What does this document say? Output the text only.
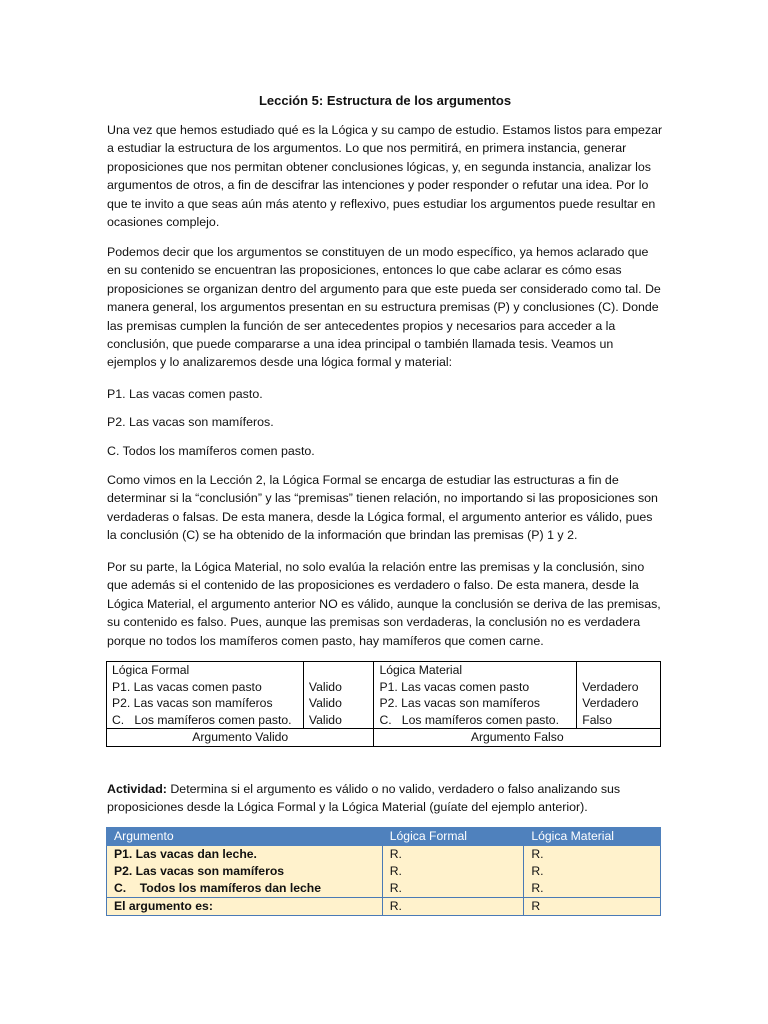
Lección 5: Estructura de los argumentos

Una vez que hemos estudiado qué es la Lógica y su campo de estudio. Estamos listos para empezar a estudiar la estructura de los argumentos. Lo que nos permitirá, en primera instancia, generar proposiciones que nos permitan obtener conclusiones lógicas, y, en segunda instancia, analizar los argumentos de otros, a fin de descifrar las intenciones y poder responder o refutar una idea. Por lo que te invito a que seas aún más atento y reflexivo, pues estudiar los argumentos puede resultar en ocasiones complejo.

Podemos decir que los argumentos se constituyen de un modo específico, ya hemos aclarado que en su contenido se encuentran las proposiciones, entonces lo que cabe aclarar es cómo esas proposiciones se organizan dentro del argumento para que este pueda ser considerado como tal. De manera general, los argumentos presentan en su estructura premisas (P) y conclusiones (C). Donde las premisas cumplen la función de ser antecedentes propios y necesarios para acceder a la conclusión, que puede compararse a una idea principal o también llamada tesis. Veamos un ejemplos y lo analizaremos desde una lógica formal y material:

P1. Las vacas comen pasto.

P2. Las vacas son mamíferos.

C. Todos los mamíferos comen pasto.

Como vimos en la Lección 2, la Lógica Formal se encarga de estudiar las estructuras a fin de determinar si la “conclusión” y las “premisas” tienen relación, no importando si las proposiciones son verdaderas o falsas. De esta manera, desde la Lógica formal, el argumento anterior es válido, pues la conclusión (C) se ha obtenido de la información que brindan las premisas (P) 1 y 2.

Por su parte, la Lógica Material, no solo evalúa la relación entre las premisas y la conclusión, sino que además si el contenido de las proposiciones es verdadero o falso. De esta manera, desde la Lógica Material, el argumento anterior NO es válido, aunque la conclusión se deriva de las premisas, su contenido es falso. Pues, aunque las premisas son verdaderas, la conclusión no es verdadera porque no todos los mamíferos comen pasto, hay mamíferos que comen carne.

Lógica Formal		Lógica Material	
P1. Las vacas comen pasto	Valido	P1. Las vacas comen pasto	Verdadero
P2. Las vacas son mamíferos	Valido	P2. Las vacas son mamíferos	Verdadero
C.   Los mamíferos comen pasto.	Valido	C.   Los mamíferos comen pasto.	Falso
Argumento Valido		Argumento Falso	

Actividad: Determina si el argumento es válido o no valido, verdadero o falso analizando sus proposiciones desde la Lógica Formal y la Lógica Material (guíate del ejemplo anterior).

Argumento	Lógica Formal	Lógica Material
P1. Las vacas dan leche.	R.	R.
P2. Las vacas son mamíferos	R.	R.
C.    Todos los mamíferos dan leche	R.	R.
El argumento es:	R.	R
